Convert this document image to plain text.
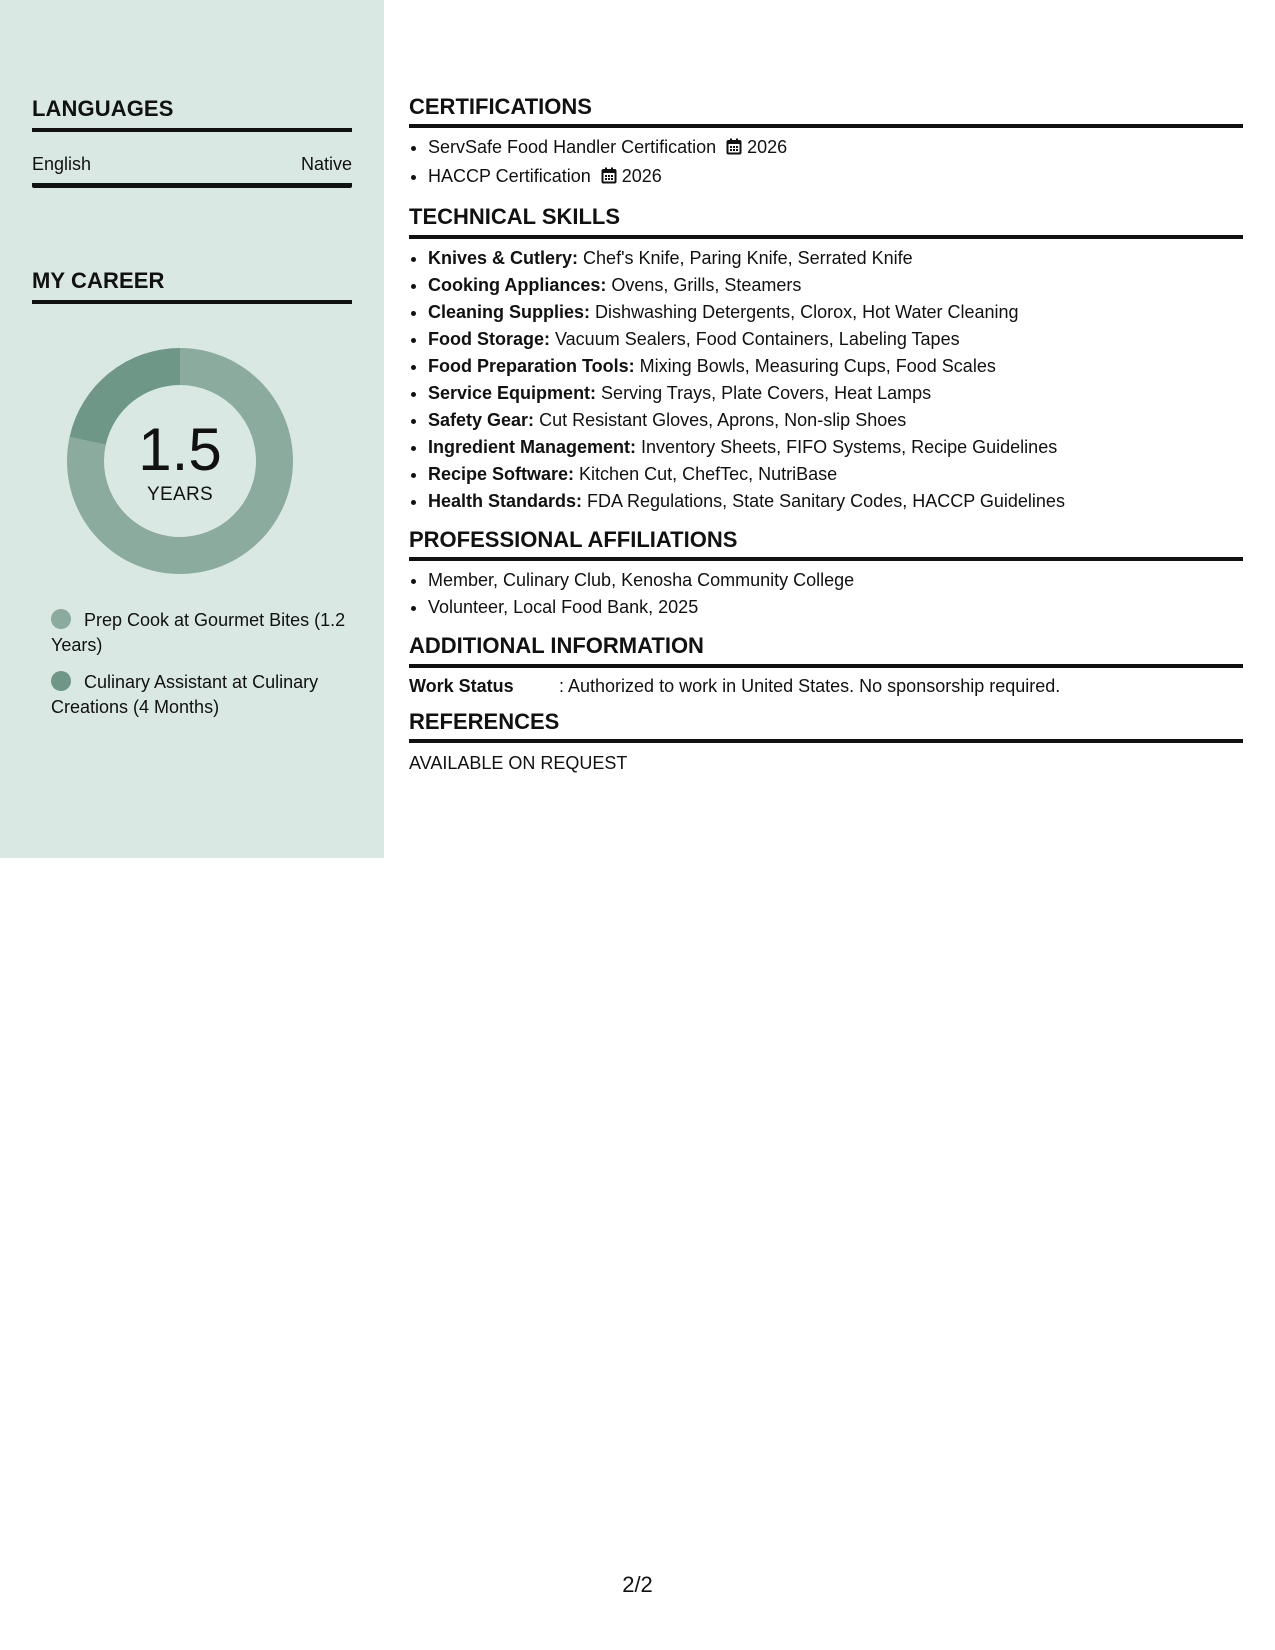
LANGUAGES
English	Native
MY CAREER
1.5
YEARS
Prep Cook at Gourmet Bites (1.2 Years)
Culinary Assistant at Culinary Creations (4 Months)
CERTIFICATIONS
• ServSafe Food Handler Certification 2026
• HACCP Certification 2026
TECHNICAL SKILLS
• Knives & Cutlery: Chef's Knife, Paring Knife, Serrated Knife
• Cooking Appliances: Ovens, Grills, Steamers
• Cleaning Supplies: Dishwashing Detergents, Clorox, Hot Water Cleaning
• Food Storage: Vacuum Sealers, Food Containers, Labeling Tapes
• Food Preparation Tools: Mixing Bowls, Measuring Cups, Food Scales
• Service Equipment: Serving Trays, Plate Covers, Heat Lamps
• Safety Gear: Cut Resistant Gloves, Aprons, Non-slip Shoes
• Ingredient Management: Inventory Sheets, FIFO Systems, Recipe Guidelines
• Recipe Software: Kitchen Cut, ChefTec, NutriBase
• Health Standards: FDA Regulations, State Sanitary Codes, HACCP Guidelines
PROFESSIONAL AFFILIATIONS
• Member, Culinary Club, Kenosha Community College
• Volunteer, Local Food Bank, 2025
ADDITIONAL INFORMATION
Work Status	: Authorized to work in United States. No sponsorship required.
REFERENCES
AVAILABLE ON REQUEST
2/2
